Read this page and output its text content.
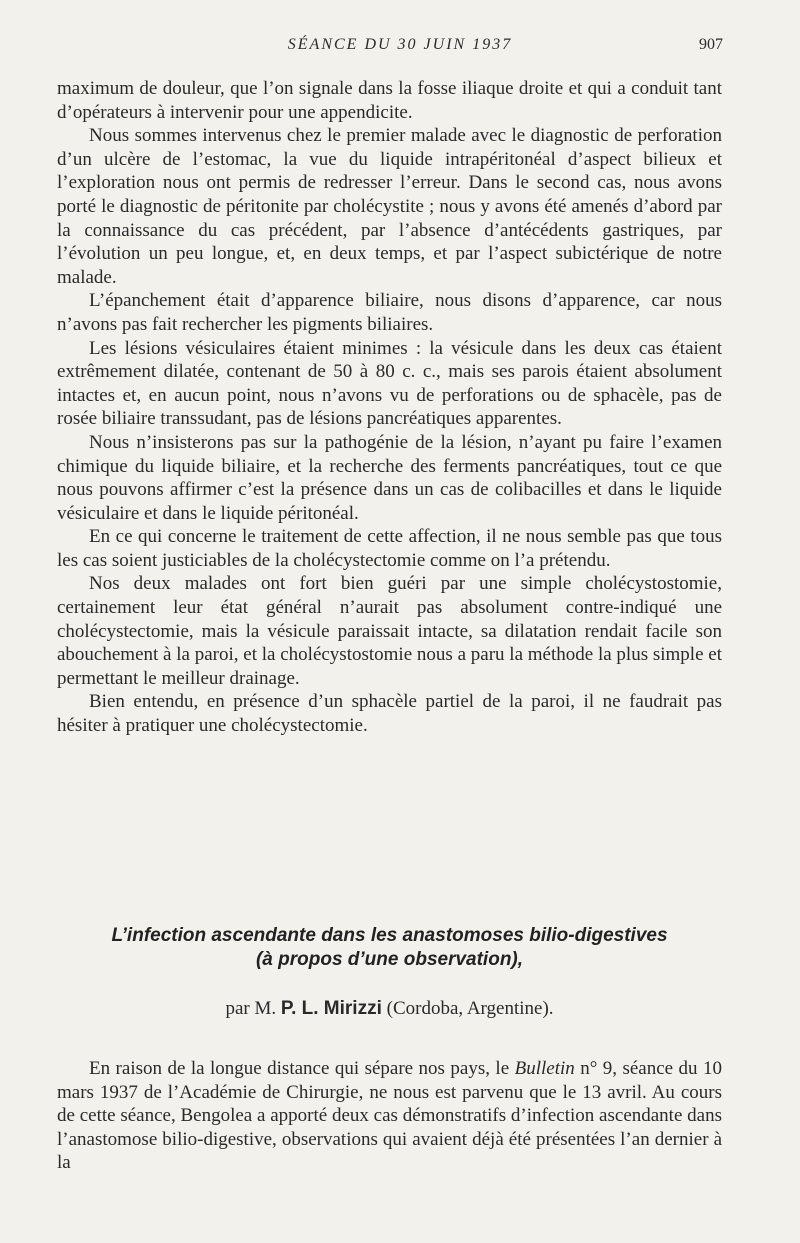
SÉANCE DU 30 JUIN 1937	907

maximum de douleur, que l’on signale dans la fosse iliaque droite et qui a conduit tant d’opérateurs à intervenir pour une appendicite.

Nous sommes intervenus chez le premier malade avec le diagnostic de perforation d’un ulcère de l’estomac, la vue du liquide intrapéritonéal d’aspect bilieux et l’exploration nous ont permis de redresser l’erreur. Dans le second cas, nous avons porté le diagnostic de péritonite par cholécystite ; nous y avons été amenés d’abord par la connaissance du cas précédent, par l’absence d’antécédents gastriques, par l’évolution un peu longue, et, en deux temps, et par l’aspect subictérique de notre malade.

L’épanchement était d’apparence biliaire, nous disons d’apparence, car nous n’avons pas fait rechercher les pigments biliaires.

Les lésions vésiculaires étaient minimes : la vésicule dans les deux cas étaient extrêmement dilatée, contenant de 50 à 80 c. c., mais ses parois étaient absolument intactes et, en aucun point, nous n’avons vu de perforations ou de sphacèle, pas de rosée biliaire transsudant, pas de lésions pancréatiques apparentes.

Nous n’insisterons pas sur la pathogénie de la lésion, n’ayant pu faire l’examen chimique du liquide biliaire, et la recherche des ferments pancréatiques, tout ce que nous pouvons affirmer c’est la présence dans un cas de colibacilles et dans le liquide vésiculaire et dans le liquide péritonéal.

En ce qui concerne le traitement de cette affection, il ne nous semble pas que tous les cas soient justiciables de la cholécystectomie comme on l’a prétendu.

Nos deux malades ont fort bien guéri par une simple cholécystostomie, certainement leur état général n’aurait pas absolument contre-indiqué une cholécystectomie, mais la vésicule paraissait intacte, sa dilatation rendait facile son abouchement à la paroi, et la cholécystostomie nous a paru la méthode la plus simple et permettant le meilleur drainage.

Bien entendu, en présence d’un sphacèle partiel de la paroi, il ne faudrait pas hésiter à pratiquer une cholécystectomie.

L’infection ascendante dans les anastomoses bilio-digestives
(à propos d’une observation),
par M. P. L. Mirizzi (Cordoba, Argentine).

En raison de la longue distance qui sépare nos pays, le Bulletin n° 9, séance du 10 mars 1937 de l’Académie de Chirurgie, ne nous est parvenu que le 13 avril. Au cours de cette séance, Bengolea a apporté deux cas démonstratifs d’infection ascendante dans l’anastomose bilio-digestive, observations qui avaient déjà été présentées l’an dernier à la
